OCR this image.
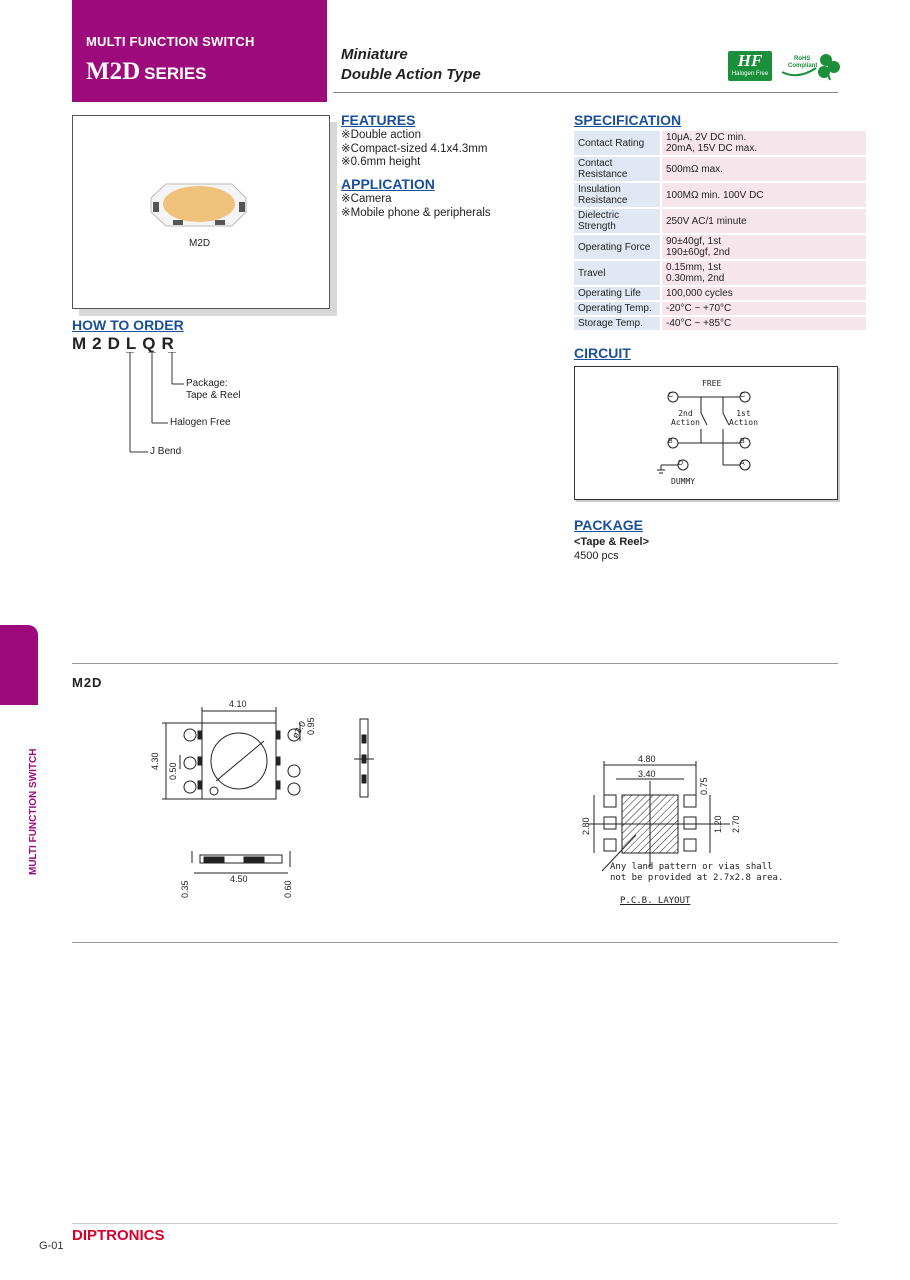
MULTI FUNCTION SWITCH
M2D SERIES
Miniature
Double Action Type
HF
Halogen Free
RoHS
Compliant
M2D
FEATURES
※Double action
※Compact-sized 4.1x4.3mm
※0.6mm height
APPLICATION
※Camera
※Mobile phone & peripherals
HOW TO ORDER
M2DLQR
Package:
Tape & Reel
Halogen Free
J Bend
SPECIFICATION
Contact Rating	10μA, 2V DC min.
20mA, 15V DC max.

Contact
Resistance	500mΩ max.

Insulation
Resistance	100MΩ min. 100V DC

Dielectric
Strength	250V AC/1 minute

Operating Force	90±40gf, 1st
190±60gf, 2nd

Travel	0.15mm, 1st
0.30mm, 2nd

Operating Life	100,000 cycles

Operating Temp.	-20°C ~ +70°C

Storage Temp.	-40°C ~ +85°C
CIRCUIT
C	C
B	B
D	A
FREE
2nd
Action
1st
Action
DUMMY
PACKAGE
<Tape & Reel>
4500 pcs
MULTI FUNCTION SWITCH
M2D
4.10
4.30
0.50
ø3.0
0.95
4.50
0.35	0.60
4.80
3.40
2.80
0.75
1.20 2.70
Any land pattern or vias shall
not be provided at 2.7x2.8 area.
P.C.B. LAYOUT
DIPTRONICS
G-01
